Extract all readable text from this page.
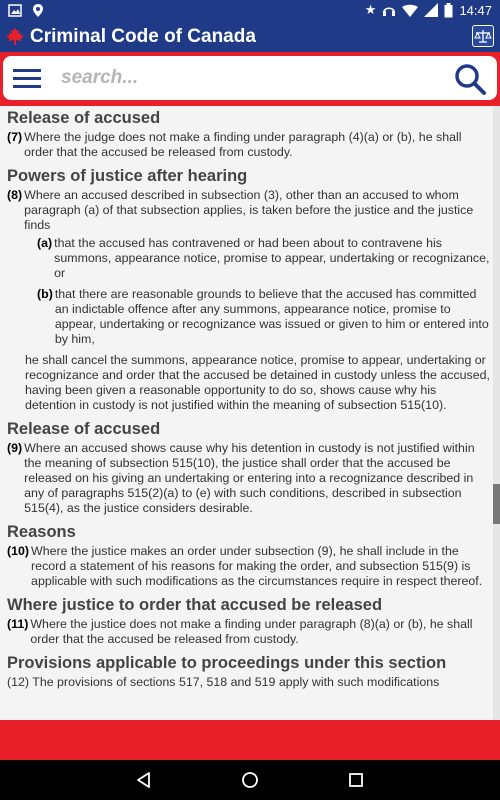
★	14:47
Criminal Code of Canada
search...
Release of accused
(7) Where the judge does not make a finding under paragraph (4)(a) or (b), he shall order that the accused be released from custody.
Powers of justice after hearing
(8) Where an accused described in subsection (3), other than an accused to whom paragraph (a) of that subsection applies, is taken before the justice and the justice finds
(a) that the accused has contravened or had been about to contravene his summons, appearance notice, promise to appear, undertaking or recognizance, or
(b) that there are reasonable grounds to believe that the accused has committed an indictable offence after any summons, appearance notice, promise to appear, undertaking or recognizance was issued or given to him or entered into by him,
he shall cancel the summons, appearance notice, promise to appear, undertaking or recognizance and order that the accused be detained in custody unless the accused, having been given a reasonable opportunity to do so, shows cause why his detention in custody is not justified within the meaning of subsection 515(10).
Release of accused
(9) Where an accused shows cause why his detention in custody is not justified within the meaning of subsection 515(10), the justice shall order that the accused be released on his giving an undertaking or entering into a recognizance described in any of paragraphs 515(2)(a) to (e) with such conditions, described in subsection 515(4), as the justice considers desirable.
Reasons
(10) Where the justice makes an order under subsection (9), he shall include in the record a statement of his reasons for making the order, and subsection 515(9) is applicable with such modifications as the circumstances require in respect thereof.
Where justice to order that accused be released
(11) Where the justice does not make a finding under paragraph (8)(a) or (b), he shall order that the accused be released from custody.
Provisions applicable to proceedings under this section
(12) The provisions of sections 517, 518 and 519 apply with such modifications
